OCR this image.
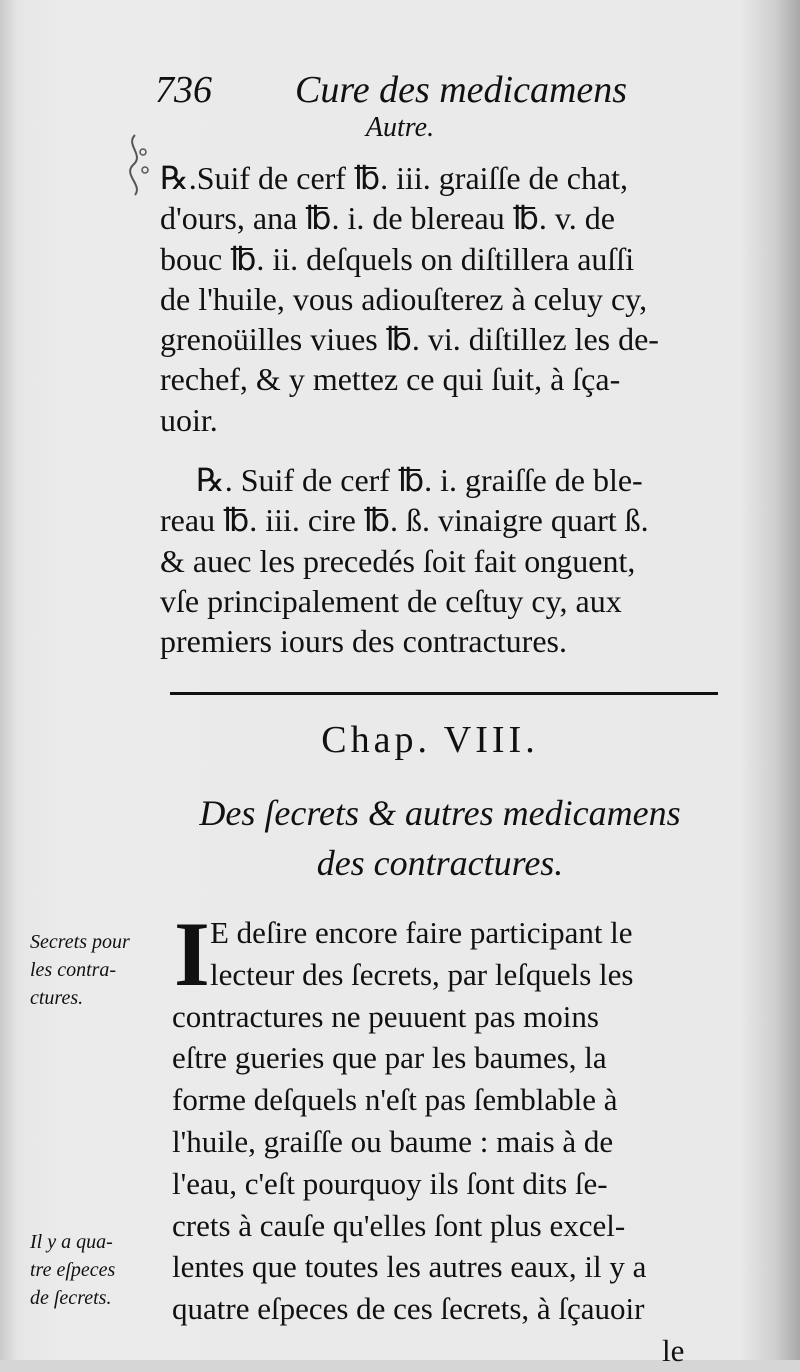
736 Cure des medicamens
Autre.
℞.Suif de cerf ℔. iii. graiſſe de chat,
d'ours, ana ℔. i. de blereau ℔. v. de
bouc ℔. ii. deſquels on diſtillera auſſi
de l'huile, vous adiouſterez à celuy cy,
grenoüilles viues ℔. vi. diſtillez les de-
rechef, & y mettez ce qui ſuit, à ſça-
uoir.
℞. Suif de cerf ℔. i. graiſſe de ble-
reau ℔. iii. cire ℔. ß. vinaigre quart ß.
& auec les precedés ſoit fait onguent,
vſe principalement de ceſtuy cy, aux
premiers iours des contractures.
Chap. VIII.
Des ſecrets & autres medicamens
des contractures.
I E deſire encore faire participant le
lecteur des ſecrets, par leſquels les
contractures ne peuuent pas moins
eſtre gueries que par les baumes, la
forme deſquels n'eſt pas ſemblable à
l'huile, graiſſe ou baume : mais à de
l'eau, c'eſt pourquoy ils ſont dits ſe-
crets à cauſe qu'elles ſont plus excel-
lentes que toutes les autres eaux, il y a
quatre eſpeces de ces ſecrets, à ſçauoir
le
Secrets pour
les contra-
ctures.
Il y a qua-
tre eſpeces
de ſecrets.
